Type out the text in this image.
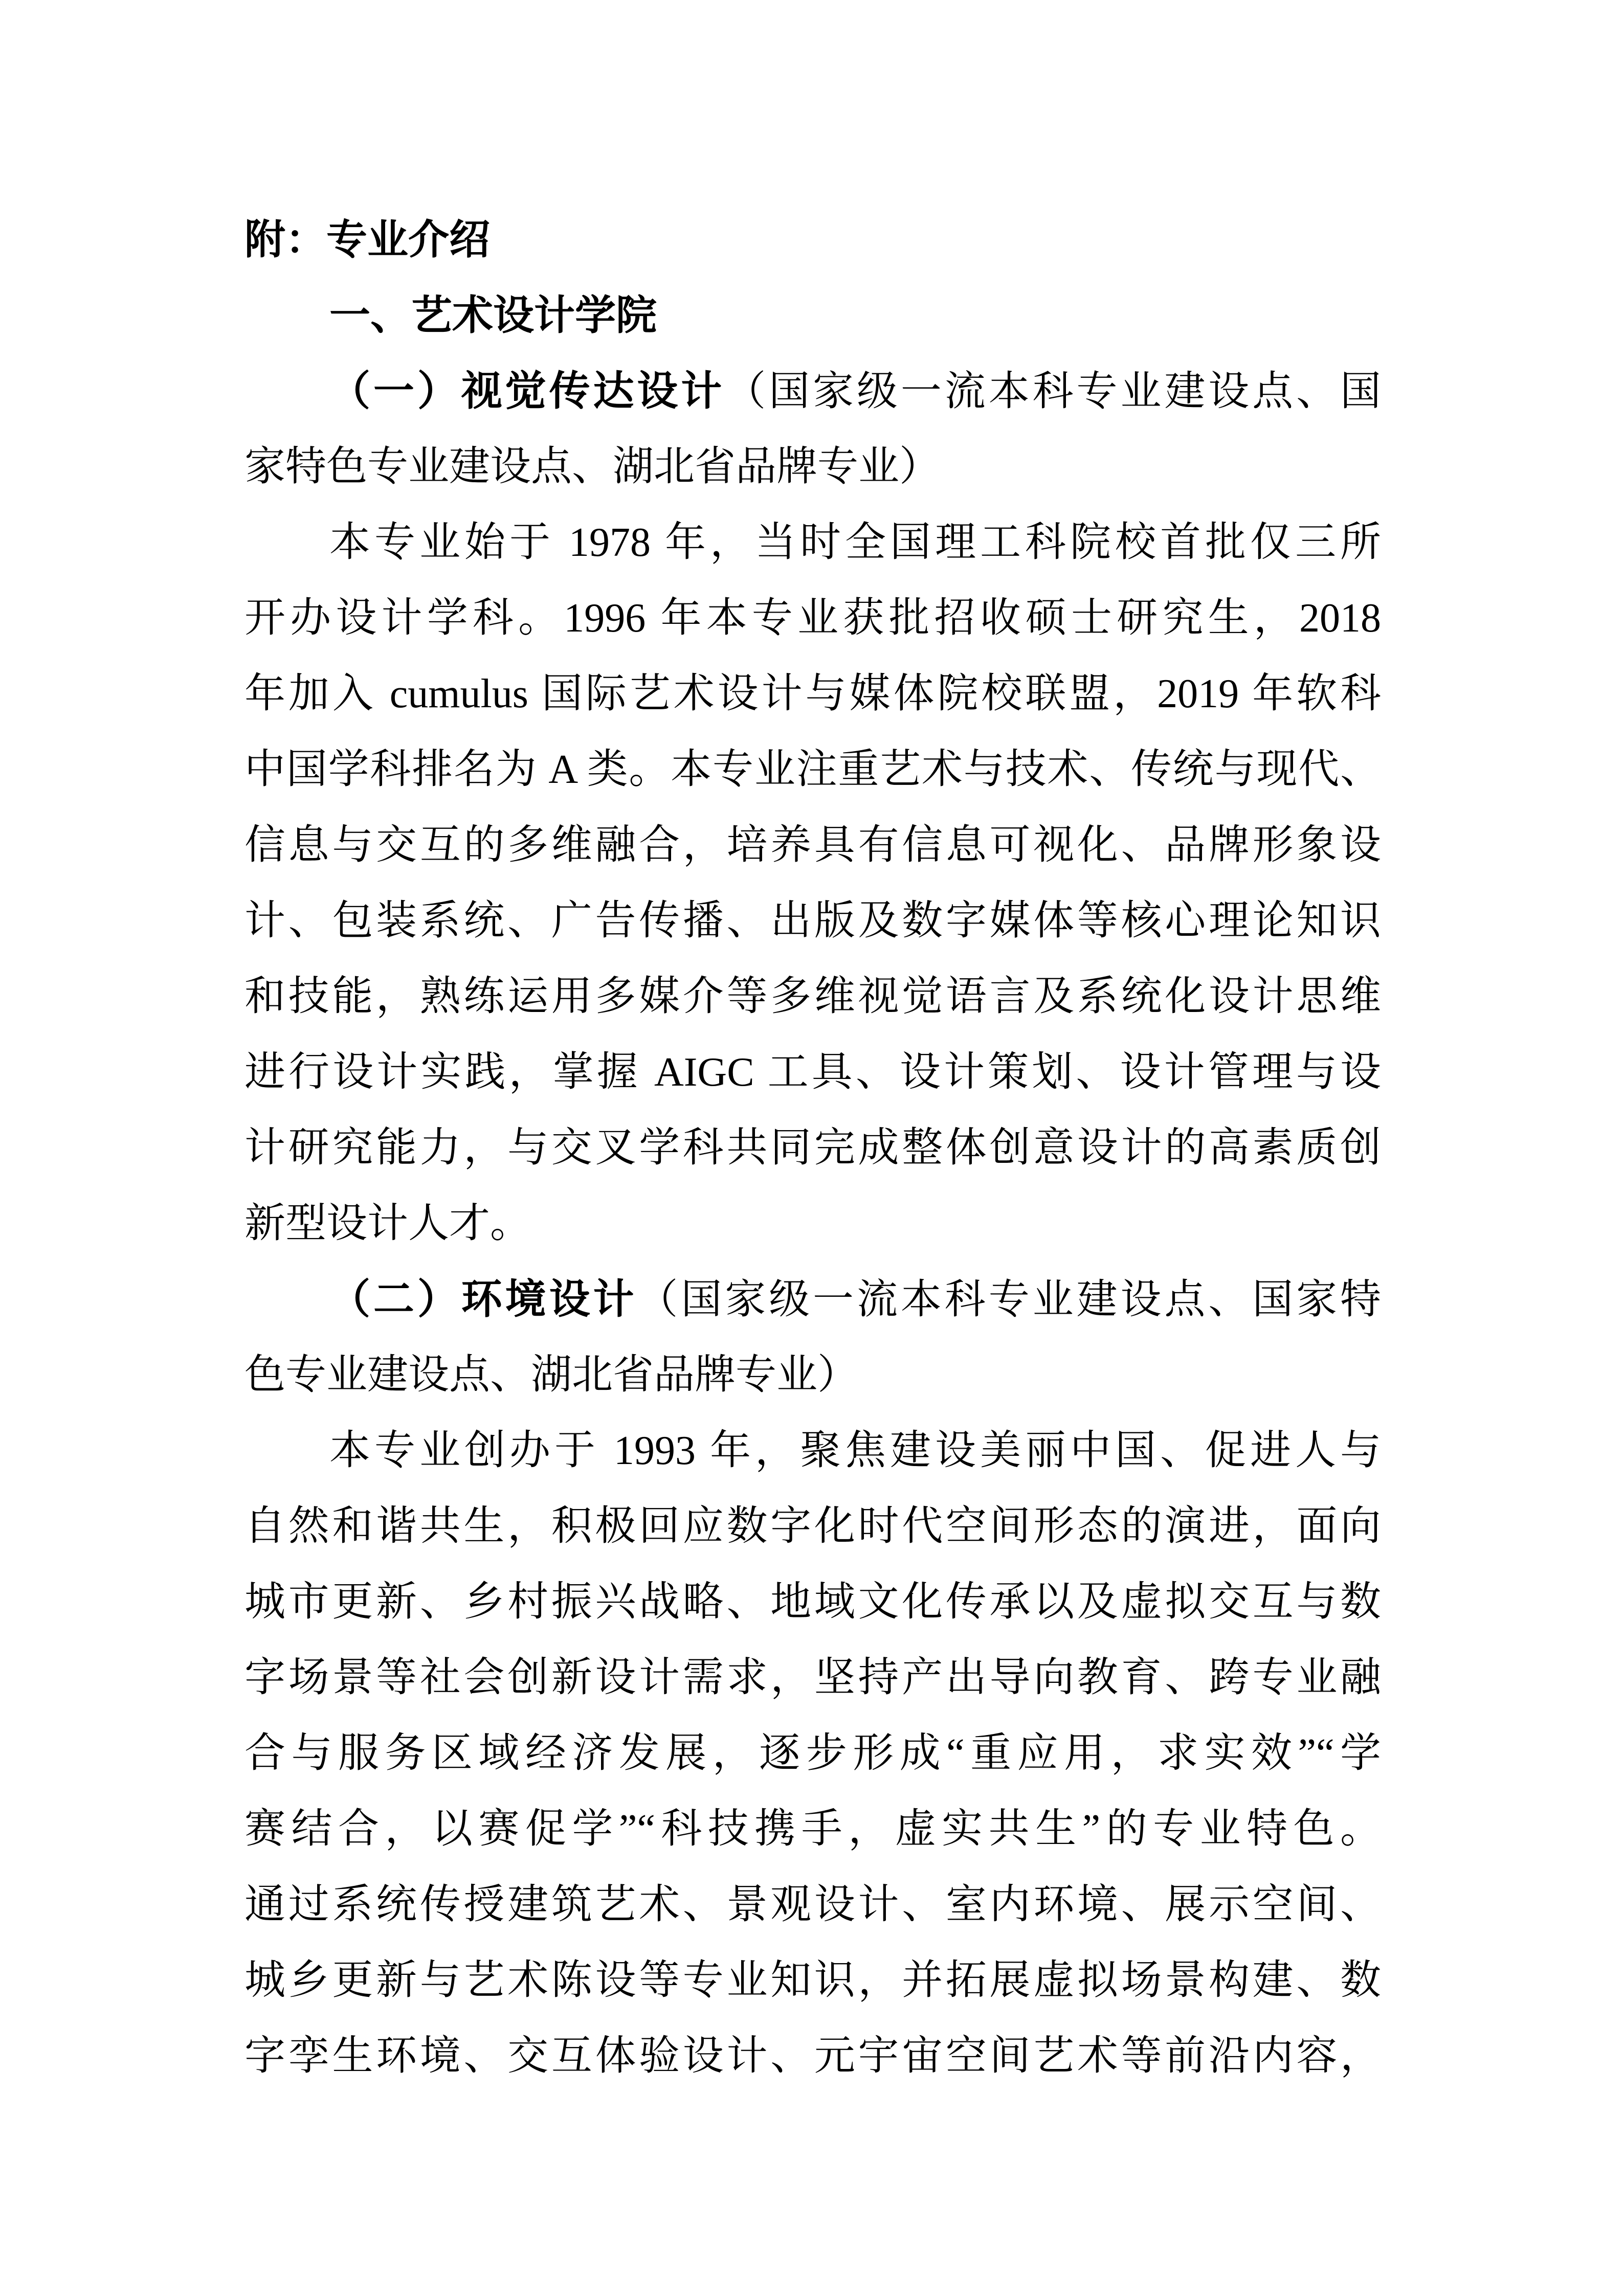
附：专业介绍
一、艺术设计学院
（一）视觉传达设计（国家级一流本科专业建设点、国
家特色专业建设点、湖北省品牌专业）
本专业始于 1978 年，当时全国理工科院校首批仅三所
开办设计学科。1996 年本专业获批招收硕士研究生，2018
年加入 cumulus 国际艺术设计与媒体院校联盟，2019 年软科
中国学科排名为 A 类。本专业注重艺术与技术、传统与现代、
信息与交互的多维融合，培养具有信息可视化、品牌形象设
计、包装系统、广告传播、出版及数字媒体等核心理论知识
和技能，熟练运用多媒介等多维视觉语言及系统化设计思维
进行设计实践，掌握 AIGC 工具、设计策划、设计管理与设
计研究能力，与交叉学科共同完成整体创意设计的高素质创
新型设计人才。
（二）环境设计（国家级一流本科专业建设点、国家特
色专业建设点、湖北省品牌专业）
本专业创办于 1993 年，聚焦建设美丽中国、促进人与
自然和谐共生，积极回应数字化时代空间形态的演进，面向
城市更新、乡村振兴战略、地域文化传承以及虚拟交互与数
字场景等社会创新设计需求，坚持产出导向教育、跨专业融
合与服务区域经济发展，逐步形成“重应用，求实效”“学
赛结合，以赛促学”“科技携手，虚实共生”的专业特色。
通过系统传授建筑艺术、景观设计、室内环境、展示空间、
城乡更新与艺术陈设等专业知识，并拓展虚拟场景构建、数
字孪生环境、交互体验设计、元宇宙空间艺术等前沿内容，
